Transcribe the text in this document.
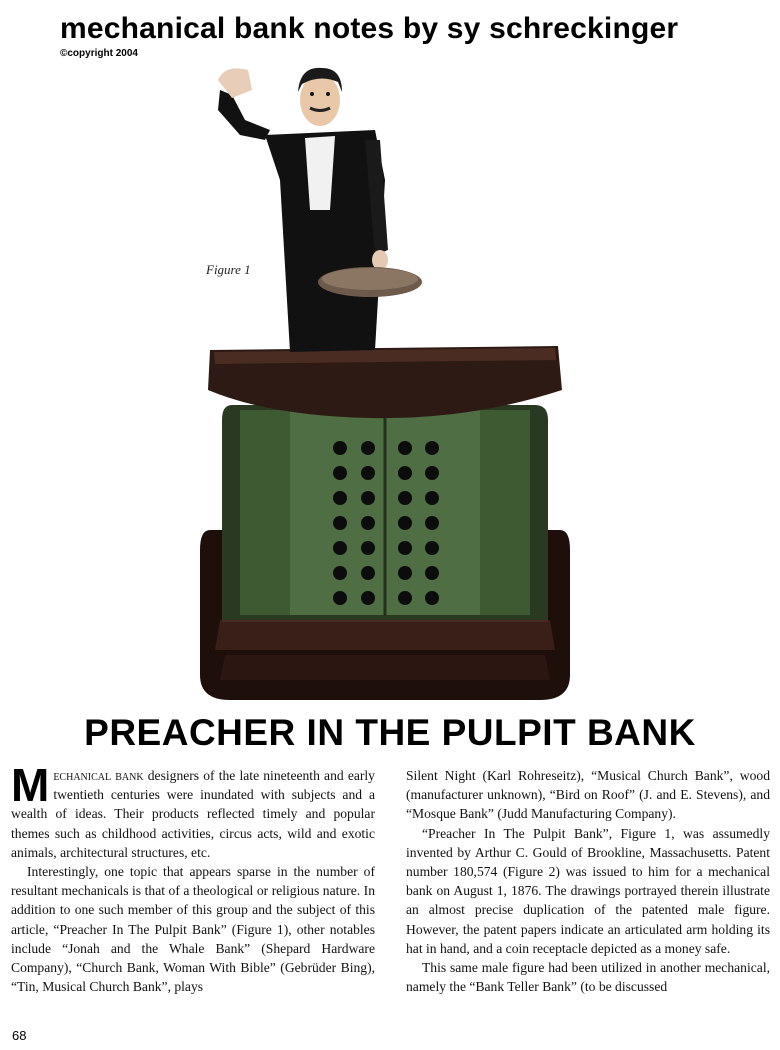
mechanical bank notes by sy schreckinger
©copyright 2004
Figure 1
PREACHER IN THE PULPIT BANK

Mechanical bank designers of the late nineteenth and early twentieth centuries were inundated with subjects and a wealth of ideas. Their products reflected timely and popular themes such as childhood activities, circus acts, wild and exotic animals, architectural structures, etc.

Interestingly, one topic that appears sparse in the number of resultant mechanicals is that of a theological or religious nature. In addition to one such member of this group and the subject of this article, “Preacher In The Pulpit Bank” (Figure 1), other notables include “Jonah and the Whale Bank” (Shepard Hardware Company), “Church Bank, Woman With Bible” (Gebrüder Bing), “Tin, Musical Church Bank”, plays

Silent Night (Karl Rohreseitz), “Musical Church Bank”, wood (manufacturer unknown), “Bird on Roof” (J. and E. Stevens), and “Mosque Bank” (Judd Manufacturing Company).

“Preacher In The Pulpit Bank”, Figure 1, was assumedly invented by Arthur C. Gould of Brookline, Massachusetts. Patent number 180,574 (Figure 2) was issued to him for a mechanical bank on August 1, 1876. The drawings portrayed therein illustrate an almost precise duplication of the patented male figure. However, the patent papers indicate an articulated arm holding its hat in hand, and a coin receptacle depicted as a money safe.

This same male figure had been utilized in another mechanical, namely the “Bank Teller Bank” (to be discussed

68
